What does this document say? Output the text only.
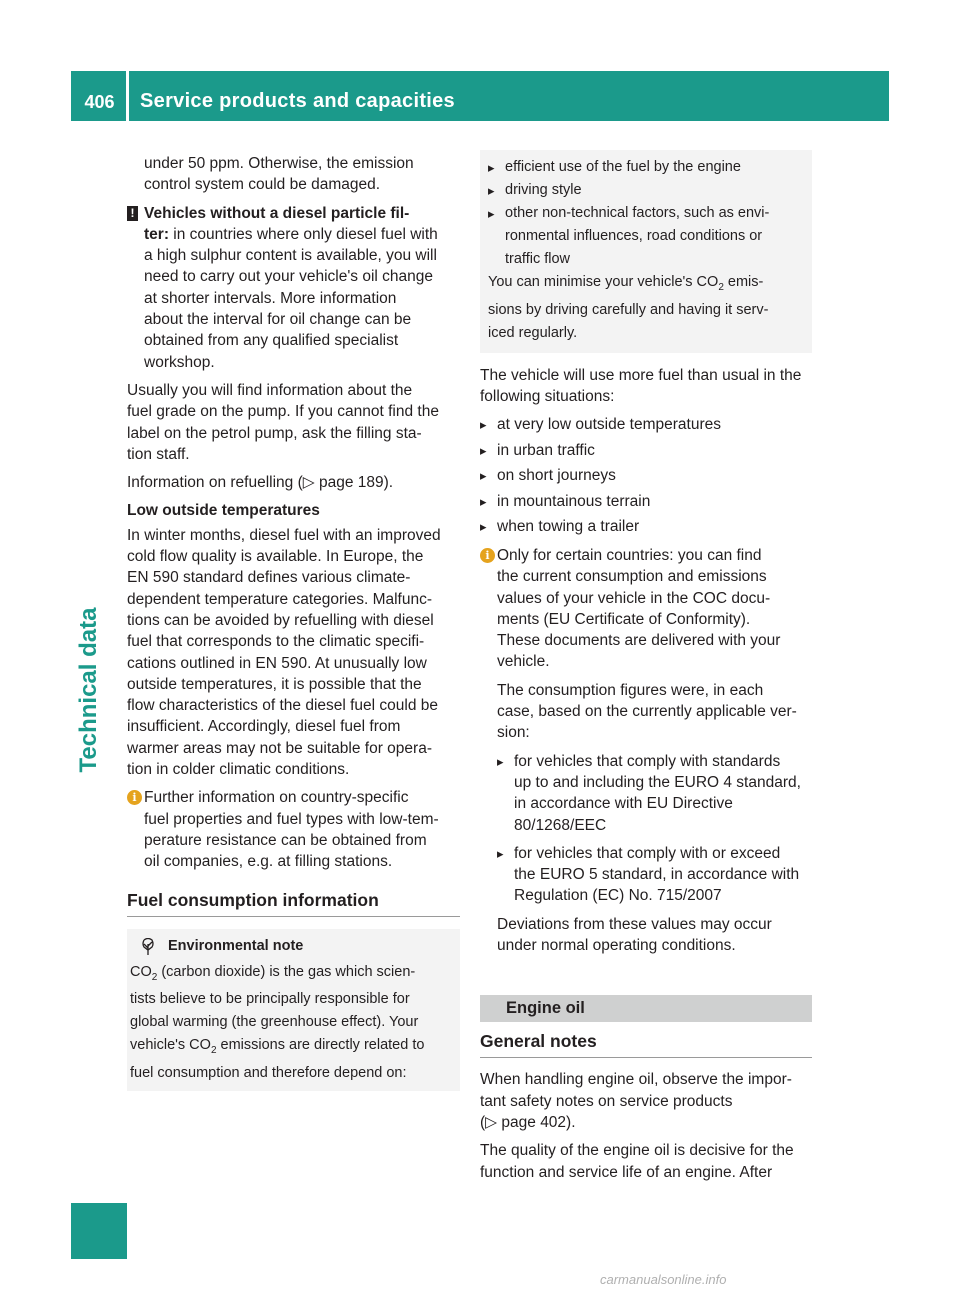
406	Service products and capacities
Technical data

under 50 ppm. Otherwise, the emission

control system could be damaged.

! Vehicles without a diesel particle fil-

ter: in countries where only diesel fuel with

a high sulphur content is available, you will

need to carry out your vehicle's oil change

at shorter intervals. More information

about the interval for oil change can be

obtained from any qualified specialist

workshop.

Usually you will find information about the

fuel grade on the pump. If you cannot find the

label on the petrol pump, ask the filling sta-

tion staff.

Information on refuelling (▷ page 189).

Low outside temperatures

In winter months, diesel fuel with an improved

cold flow quality is available. In Europe, the

EN 590 standard defines various climate-

dependent temperature categories. Malfunc-

tions can be avoided by refuelling with diesel

fuel that corresponds to the climatic specifi-

cations outlined in EN 590. At unusually low

outside temperatures, it is possible that the

flow characteristics of the diesel fuel could be

insufficient. Accordingly, diesel fuel from

warmer areas may not be suitable for opera-

tion in colder climatic conditions.

i Further information on country-specific

fuel properties and fuel types with low-tem-

perature resistance can be obtained from

oil companies, e.g. at filling stations.

Fuel consumption information

Environmental note

$CO_2$ (carbon dioxide) is the gas which scien-

tists believe to be principally responsible for

global warming (the greenhouse effect). Your

vehicle's $CO_2$ emissions are directly related to

fuel consumption and therefore depend on:

▸ efficient use of the fuel by the engine

▸ driving style

▸ other non-technical factors, such as envi-

ronmental influences, road conditions or

traffic flow

You can minimise your vehicle's $CO_2$ emis-

sions by driving carefully and having it serv-

iced regularly.

The vehicle will use more fuel than usual in the

following situations:

▸ at very low outside temperatures

▸ in urban traffic

▸ on short journeys

▸ in mountainous terrain

▸ when towing a trailer

i Only for certain countries: you can find

the current consumption and emissions

values of your vehicle in the COC docu-

ments (EU Certificate of Conformity).

These documents are delivered with your

vehicle.

The consumption figures were, in each

case, based on the currently applicable ver-

sion:

▸ for vehicles that comply with standards

up to and including the EURO 4 standard,

in accordance with EU Directive

80/1268/EEC

▸ for vehicles that comply with or exceed

the EURO 5 standard, in accordance with

Regulation (EC) No. 715/2007

Deviations from these values may occur

under normal operating conditions.

Engine oil

General notes

When handling engine oil, observe the impor-

tant safety notes on service products

(▷ page 402).

The quality of the engine oil is decisive for the

function and service life of an engine. After

carmanualsonline.info
